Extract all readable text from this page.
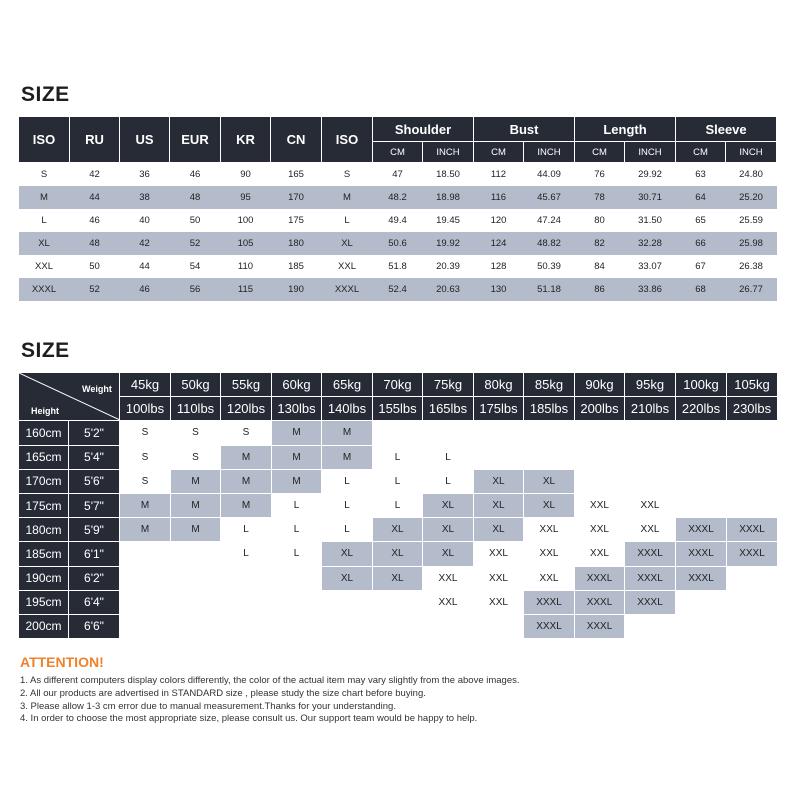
SIZE
ISO	RU	US	EUR	KR	CN	ISO	Shoulder		Bust		Length		Sleeve	
							CM	INCH	CM	INCH	CM	INCH	CM	INCH
S	42	36	46	90	165	S	47	18.50	112	44.09	76	29.92	63	24.80
M	44	38	48	95	170	M	48.2	18.98	116	45.67	78	30.71	64	25.20
L	46	40	50	100	175	L	49.4	19.45	120	47.24	80	31.50	65	25.59
XL	48	42	52	105	180	XL	50.6	19.92	124	48.82	82	32.28	66	25.98
XXL	50	44	54	110	185	XXL	51.8	20.39	128	50.39	84	33.07	67	26.38
XXXL	52	46	56	115	190	XXXL	52.4	20.63	130	51.18	86	33.86	68	26.77
SIZE
Weight
Height		45kg	50kg	55kg	60kg	65kg	70kg	75kg	80kg	85kg	90kg	95kg	100kg	105kg
		100lbs	110lbs	120lbs	130lbs	140lbs	155lbs	165lbs	175lbs	185lbs	200lbs	210lbs	220lbs	230lbs
160cm	5'2"	S	S	S	M	M								
165cm	5'4"	S	S	M	M	M	L	L						
170cm	5'6"	S	M	M	M	L	L	L	XL	XL				
175cm	5'7"	M	M	M	L	L	L	XL	XL	XL	XXL	XXL		
180cm	5'9"	M	M	L	L	L	XL	XL	XL	XXL	XXL	XXL	XXXL	XXXL
185cm	6'1"			L	L	XL	XL	XL	XXL	XXL	XXL	XXXL	XXXL	XXXL
190cm	6'2"					XL	XL	XXL	XXL	XXL	XXXL	XXXL	XXXL	
195cm	6'4"							XXL	XXL	XXXL	XXXL	XXXL		
200cm	6'6"									XXXL	XXXL			
ATTENTION!
1. As different computers display colors differently, the color of the actual item may vary slightly from the above images.
2. All our products are advertised in STANDARD size , please study the size chart before buying.
3. Please allow 1-3 cm error due to manual measurement.Thanks for your understanding.
4. In order to choose the most appropriate size, please consult us. Our support team would be happy to help.
